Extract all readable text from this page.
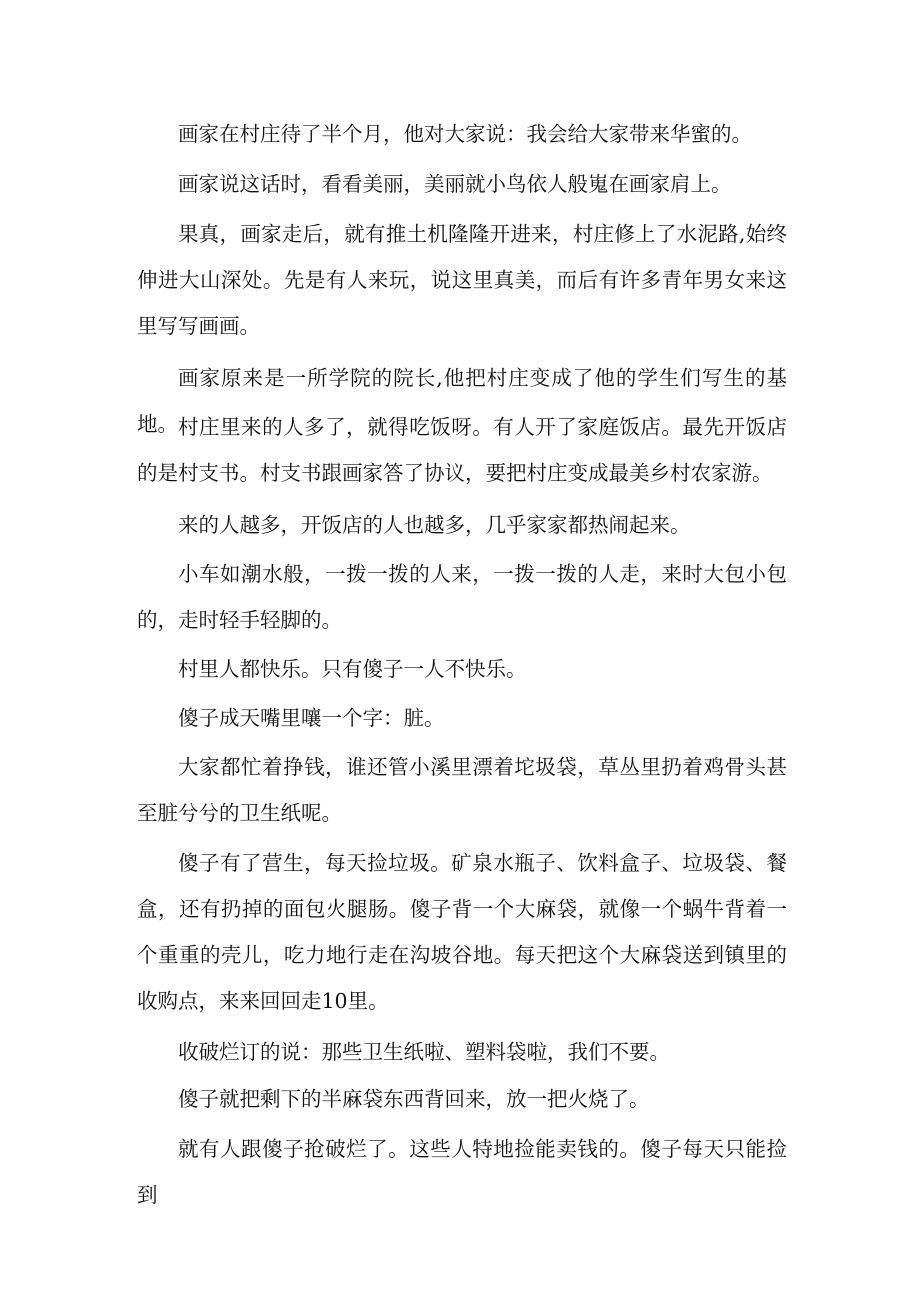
画家在村庄待了半个月，他对大家说：我会给大家带来华蜜的。

画家说这话时，看看美丽，美丽就小鸟依人般嵬在画家肩上。

果真，画家走后，就有推土机隆隆开进来，村庄修上了水泥路,始终伸进大山深处。先是有人来玩，说这里真美，而后有许多青年男女来这里写写画画。

画家原来是一所学院的院长,他把村庄变成了他的学生们写生的基地。 村庄里来的人多了，就得吃饭呀。有人开了家庭饭店。最先开饭店的是村支书。村支书跟画家答了协议，要把村庄变成最美乡村农家游。

来的人越多，开饭店的人也越多，几乎家家都热闹起来。

小车如潮水般，一拨一拨的人来，一拨一拨的人走，来时大包小包的，走时轻手轻脚的。

村里人都快乐。只有傻子一人不快乐。

傻子成天嘴里嚷一个字：脏。

大家都忙着挣钱，谁还管小溪里漂着坨圾袋，草丛里扔着鸡骨头甚至脏兮兮的卫生纸呢。

傻子有了营生，每天捡垃圾。矿泉水瓶子、饮料盒子、垃圾袋、餐盒，还有扔掉的面包火腿肠。傻子背一个大麻袋，就像一个蜗牛背着一个重重的壳儿，吃力地行走在沟坡谷地。每天把这个大麻袋送到镇里的收购点，来来回回走10里。

收破烂订的说：那些卫生纸啦、塑料袋啦，我们不要。

傻子就把剩下的半麻袋东西背回来，放一把火烧了。

就有人跟傻子抢破烂了。这些人特地捡能卖钱的。傻子每天只能捡到
